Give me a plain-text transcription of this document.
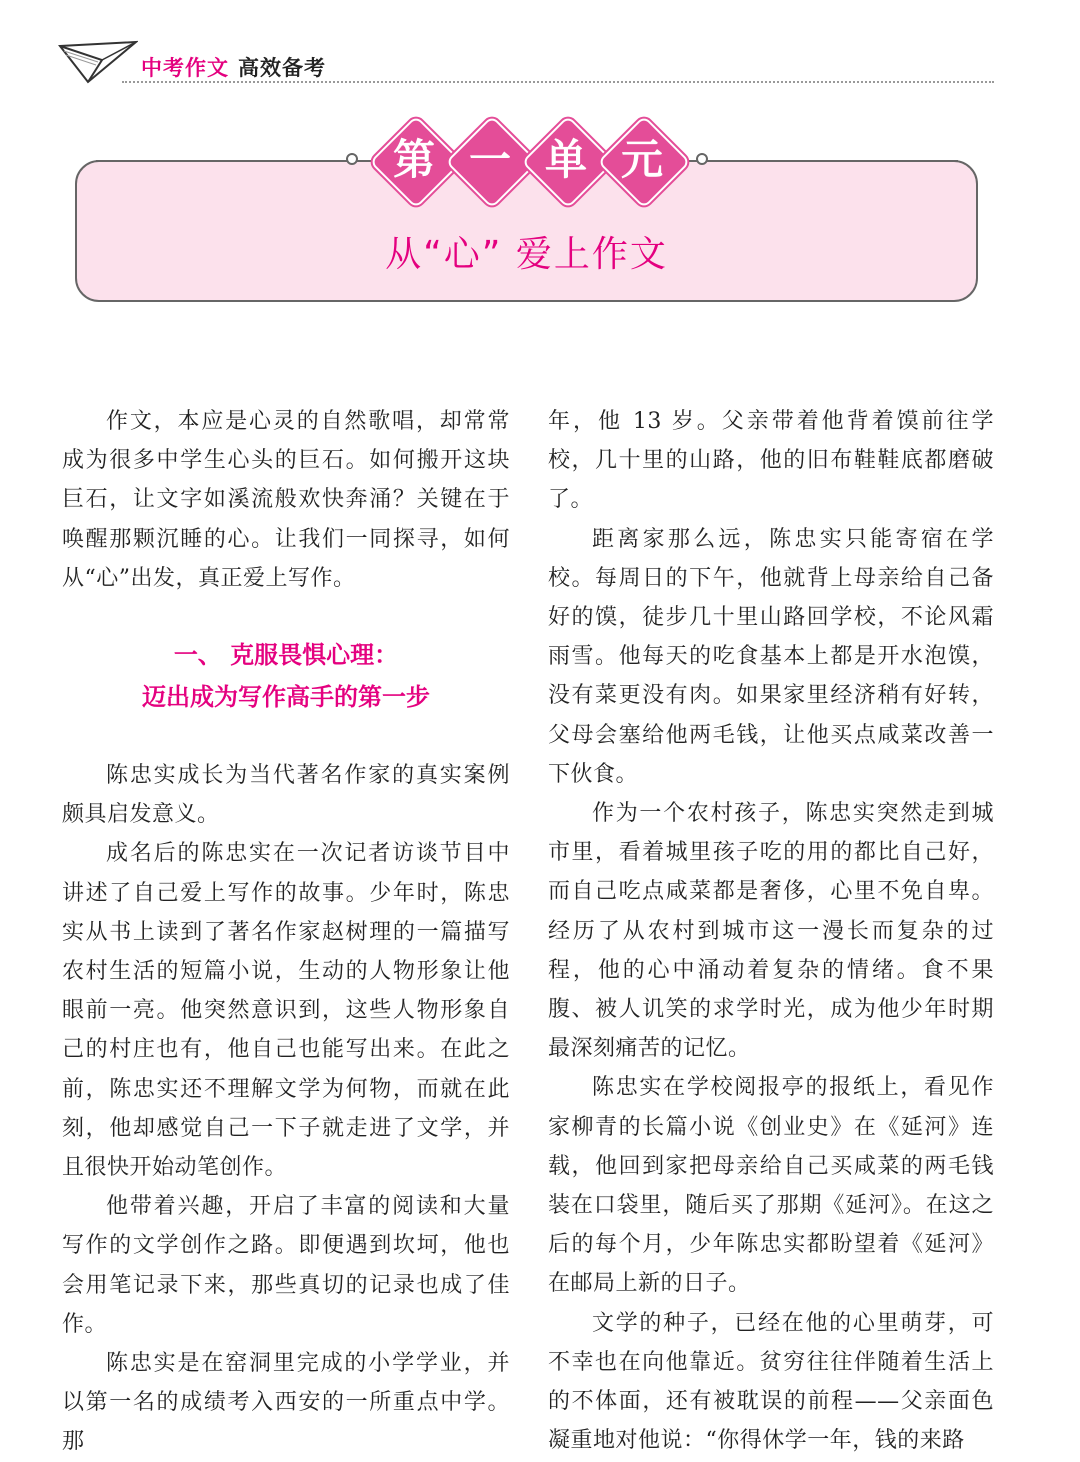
中考作文 高效备考
第 一 单 元
从“心” 爱上作文

作文，本应是心灵的自然歌唱，却常常成为很多中学生心头的巨石。如何搬开这块巨石，让文字如溪流般欢快奔涌？关键在于唤醒那颗沉睡的心。让我们一同探寻，如何从“心”出发，真正爱上写作。

一、 克服畏惧心理：
迈出成为写作高手的第一步

陈忠实成长为当代著名作家的真实案例颇具启发意义。

成名后的陈忠实在一次记者访谈节目中讲述了自己爱上写作的故事。少年时，陈忠实从书上读到了著名作家赵树理的一篇描写农村生活的短篇小说，生动的人物形象让他眼前一亮。他突然意识到，这些人物形象自己的村庄也有，他自己也能写出来。在此之前，陈忠实还不理解文学为何物，而就在此刻，他却感觉自己一下子就走进了文学，并且很快开始动笔创作。

他带着兴趣，开启了丰富的阅读和大量写作的文学创作之路。即便遇到坎坷，他也会用笔记录下来，那些真切的记录也成了佳作。

陈忠实是在窑洞里完成的小学学业，并以第一名的成绩考入西安的一所重点中学。那

年，他 13 岁。父亲带着他背着馍前往学校，几十里的山路，他的旧布鞋鞋底都磨破了。

距离家那么远，陈忠实只能寄宿在学校。每周日的下午，他就背上母亲给自己备好的馍，徒步几十里山路回学校，不论风霜雨雪。他每天的吃食基本上都是开水泡馍，没有菜更没有肉。如果家里经济稍有好转，父母会塞给他两毛钱，让他买点咸菜改善一下伙食。

作为一个农村孩子，陈忠实突然走到城市里，看着城里孩子吃的用的都比自己好，而自己吃点咸菜都是奢侈，心里不免自卑。经历了从农村到城市这一漫长而复杂的过程，他的心中涌动着复杂的情绪。食不果腹、被人讥笑的求学时光，成为他少年时期最深刻痛苦的记忆。

陈忠实在学校阅报亭的报纸上，看见作家柳青的长篇小说《创业史》在《延河》连载，他回到家把母亲给自己买咸菜的两毛钱装在口袋里，随后买了那期《延河》。在这之后的每个月，少年陈忠实都盼望着《延河》在邮局上新的日子。

文学的种子，已经在他的心里萌芽，可不幸也在向他靠近。贫穷往往伴随着生活上的不体面，还有被耽误的前程——父亲面色凝重地对他说：“你得休学一年，钱的来路
